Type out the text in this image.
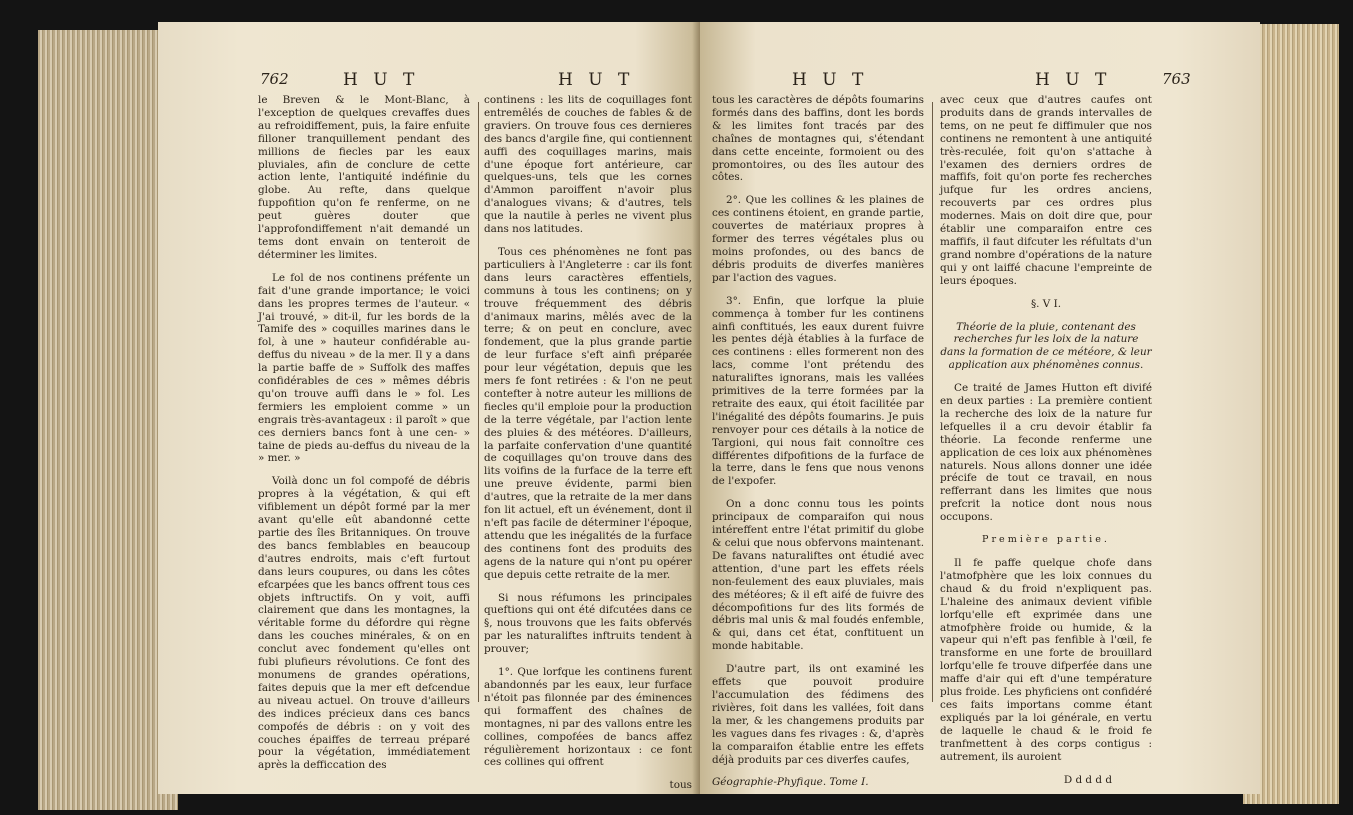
762	H U T	H U T

le Breven & le Mont-Blanc, à l'exception de quelques crevaffes dues au refroidiffement, puis, la faire enfuite filloner tranquillement pendant des millions de fiecles par les eaux pluviales, afin de conclure de cette action lente, l'antiquité indéfinie du globe. Au refte, dans quelque fuppofition qu'on fe renferme, on ne peut guères douter que l'approfondiffement n'ait demandé un tems dont envain on tenteroit de déterminer les limites.

Le fol de nos continens préfente un fait d'une grande importance; le voici dans les propres termes de l'auteur. « J'ai trouvé, » dit-il, fur les bords de la Tamife des » coquilles marines dans le fol, à une » hauteur confidérable au-deffus du niveau » de la mer. Il y a dans la partie baffe de » Suffolk des maffes confidérables de ces » mêmes débris qu'on trouve auffi dans le » fol. Les fermiers les emploient comme » un engrais très-avantageux : il paroît » que ces derniers bancs font à une cen- » taine de pieds au-deffus du niveau de la » mer. »

Voilà donc un fol compofé de débris propres à la végétation, & qui eft vifiblement un dépôt formé par la mer avant qu'elle eût abandonné cette partie des îles Britanniques. On trouve des bancs femblables en beaucoup d'autres endroits, mais c'eft furtout dans leurs coupures, ou dans les côtes efcarpées que les bancs offrent tous ces objets inftructifs. On y voit, auffi clairement que dans les montagnes, la véritable forme du défordre qui règne dans les couches minérales, & on en conclut avec fondement qu'elles ont fubi plufieurs révolutions. Ce font des monumens de grandes opérations, faites depuis que la mer eft defcendue au niveau actuel. On trouve d'ailleurs des indices précieux dans ces bancs compofés de débris : on y voit des couches épaiffes de terreau préparé pour la végétation, immédiatement après la defficcation des

continens : les lits de coquillages font entremêlés de couches de fables & de graviers. On trouve fous ces dernieres des bancs d'argile fine, qui contiennent auffi des coquillages marins, mais d'une époque fort antérieure, car quelques-uns, tels que les cornes d'Ammon paroiffent n'avoir plus d'analogues vivans; & d'autres, tels que la nautile à perles ne vivent plus dans nos latitudes.

Tous ces phénomènes ne font pas particuliers à l'Angleterre : car ils font dans leurs caractères effentiels, communs à tous les continens; on y trouve fréquemment des débris d'animaux marins, mêlés avec de la terre; & on peut en conclure, avec fondement, que la plus grande partie de leur furface s'eft ainfi préparée pour leur végétation, depuis que les mers fe font retirées : & l'on ne peut contefter à notre auteur les millions de fiecles qu'il emploie pour la production de la terre végétale, par l'action lente des pluies & des météores. D'ailleurs, la parfaite confervation d'une quantité de coquillages qu'on trouve dans des lits voifins de la furface de la terre eft une preuve évidente, parmi bien d'autres, que la retraite de la mer dans fon lit actuel, eft un événement, dont il n'eft pas facile de déterminer l'époque, attendu que les inégalités de la furface des continens font des produits des agens de la nature qui n'ont pu opérer que depuis cette retraite de la mer.

Si nous réfumons les principales queftions qui ont été difcutées dans ce §, nous trouvons que les faits obfervés par les naturaliftes inftruits tendent à prouver;

1°. Que lorfque les continens furent abandonnés par les eaux, leur furface n'étoit pas filonnée par des éminences qui formaffent des chaînes de montagnes, ni par des vallons entre les collines, compofées de bancs affez régulièrement horizontaux : ce font ces collines qui offrent

tous
H U T	H U T	763

tous les caractères de dépôts foumarins formés dans des baffins, dont les bords & les limites font tracés par des chaînes de montagnes qui, s'étendant dans cette enceinte, formoient ou des promontoires, ou des îles autour des côtes.

2°. Que les collines & les plaines de ces continens étoient, en grande partie, couvertes de matériaux propres à former des terres végétales plus ou moins profondes, ou des bancs de débris produits de diverfes manières par l'action des vagues.

3°. Enfin, que lorfque la pluie commença à tomber fur les continens ainfi conftitués, les eaux durent fuivre les pentes déjà établies à la furface de ces continens : elles formerent non des lacs, comme l'ont prétendu des naturaliftes ignorans, mais les vallées primitives de la terre formées par la retraite des eaux, qui étoit facilitée par l'inégalité des dépôts foumarins. Je puis renvoyer pour ces détails à la notice de Targioni, qui nous fait connoître ces différentes difpofitions de la furface de la terre, dans le fens que nous venons de l'expofer.

On a donc connu tous les points principaux de comparaifon qui nous intéreffent entre l'état primitif du globe & celui que nous obfervons maintenant. De favans naturaliftes ont étudié avec attention, d'une part les effets réels non-feulement des eaux pluviales, mais des météores; & il eft aifé de fuivre des décompofitions fur des lits formés de débris mal unis & mal foudés enfemble, & qui, dans cet état, conftituent un monde habitable.

D'autre part, ils ont examiné les effets que pouvoit produire l'accumulation des fédimens des rivières, foit dans les vallées, foit dans la mer, & les changemens produits par les vagues dans fes rivages : &, d'après la comparaifon établie entre les effets déjà produits par ces diverfes caufes,

Géographie-Phyfique. Tome I.

avec ceux que d'autres caufes ont produits dans de grands intervalles de tems, on ne peut fe diffimuler que nos continens ne remontent à une antiquité très-reculée, foit qu'on s'attache à l'examen des derniers ordres de maffifs, foit qu'on porte fes recherches jufque fur les ordres anciens, recouverts par ces ordres plus modernes. Mais on doit dire que, pour établir une comparaifon entre ces maffifs, il faut difcuter les réfultats d'un grand nombre d'opérations de la nature qui y ont laiffé chacune l'empreinte de leurs époques.

§. V I.

Théorie de la pluie, contenant des recherches fur les loix de la nature dans la formation de ce météore, & leur application aux phénomènes connus.

Ce traité de James Hutton eft divifé en deux parties : La première contient la recherche des loix de la nature fur lefquelles il a cru devoir établir fa théorie. La feconde renferme une application de ces loix aux phénomènes naturels. Nous allons donner une idée précife de tout ce travail, en nous refferrant dans les limites que nous prefcrit la notice dont nous nous occupons.

Première partie.

Il fe paffe quelque chofe dans l'atmofphère que les loix connues du chaud & du froid n'expliquent pas. L'haleine des animaux devient vifible lorfqu'elle eft exprimée dans une atmofphère froide ou humide, & la vapeur qui n'eft pas fenfible à l'œil, fe transforme en une forte de brouillard lorfqu'elle fe trouve difperfée dans une maffe d'air qui eft d'une température plus froide. Les phyficiens ont confidéré ces faits importans comme étant expliqués par la loi générale, en vertu de laquelle le chaud & le froid fe tranfmettent à des corps contigus : autrement, ils auroient

D d d d d
